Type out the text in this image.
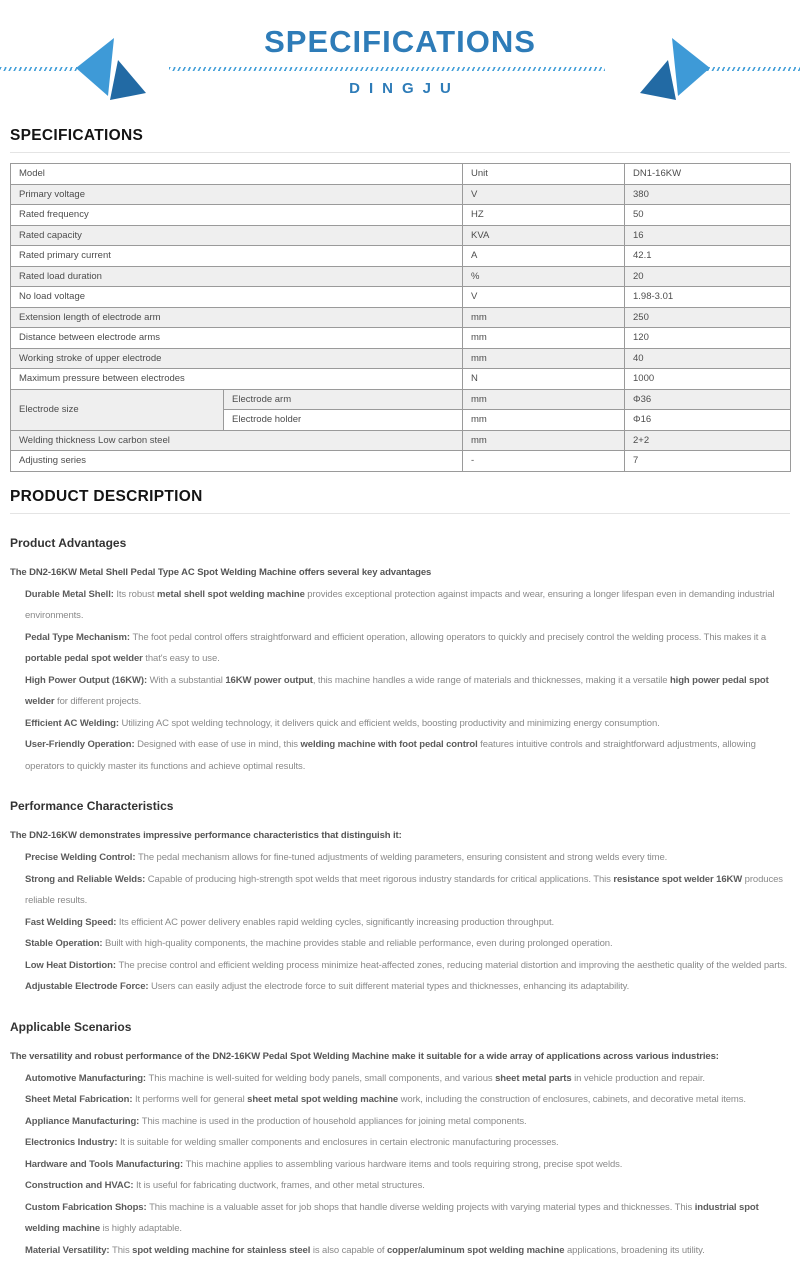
SPECIFICATIONS
DINGJU
SPECIFICATIONS
Model		Unit	DN1-16KW
Primary voltage		V	380
Rated frequency		HZ	50
Rated capacity		KVA	16
Rated primary current		A	42.1
Rated load duration		%	20
No load voltage		V	1.98-3.01
Extension length of electrode arm		mm	250
Distance between electrode arms		mm	120
Working stroke of upper electrode		mm	40
Maximum pressure between electrodes		N	1000
Electrode size	Electrode arm	mm	Φ36
	Electrode holder	mm	Φ16
Welding thickness Low carbon steel		mm	2+2
Adjusting series		-	7
PRODUCT DESCRIPTION
Product Advantages

The DN2-16KW Metal Shell Pedal Type AC Spot Welding Machine offers several key advantages

Durable Metal Shell: Its robust metal shell spot welding machine provides exceptional protection against impacts and wear, ensuring a longer lifespan even in demanding industrial environments.

Pedal Type Mechanism: The foot pedal control offers straightforward and efficient operation, allowing operators to quickly and precisely control the welding process. This makes it a portable pedal spot welder that's easy to use.

High Power Output (16KW): With a substantial 16KW power output, this machine handles a wide range of materials and thicknesses, making it a versatile high power pedal spot welder for different projects.

Efficient AC Welding: Utilizing AC spot welding technology, it delivers quick and efficient welds, boosting productivity and minimizing energy consumption.

User-Friendly Operation: Designed with ease of use in mind, this welding machine with foot pedal control features intuitive controls and straightforward adjustments, allowing operators to quickly master its functions and achieve optimal results.

Performance Characteristics

The DN2-16KW demonstrates impressive performance characteristics that distinguish it:

Precise Welding Control: The pedal mechanism allows for fine-tuned adjustments of welding parameters, ensuring consistent and strong welds every time.

Strong and Reliable Welds: Capable of producing high-strength spot welds that meet rigorous industry standards for critical applications. This resistance spot welder 16KW produces reliable results.

Fast Welding Speed: Its efficient AC power delivery enables rapid welding cycles, significantly increasing production throughput.

Stable Operation: Built with high-quality components, the machine provides stable and reliable performance, even during prolonged operation.

Low Heat Distortion: The precise control and efficient welding process minimize heat-affected zones, reducing material distortion and improving the aesthetic quality of the welded parts.

Adjustable Electrode Force: Users can easily adjust the electrode force to suit different material types and thicknesses, enhancing its adaptability.

Applicable Scenarios

The versatility and robust performance of the DN2-16KW Pedal Spot Welding Machine make it suitable for a wide array of applications across various industries:

Automotive Manufacturing: This machine is well-suited for welding body panels, small components, and various sheet metal parts in vehicle production and repair.

Sheet Metal Fabrication: It performs well for general sheet metal spot welding machine work, including the construction of enclosures, cabinets, and decorative metal items.

Appliance Manufacturing: This machine is used in the production of household appliances for joining metal components.

Electronics Industry: It is suitable for welding smaller components and enclosures in certain electronic manufacturing processes.

Hardware and Tools Manufacturing: This machine applies to assembling various hardware items and tools requiring strong, precise spot welds.

Construction and HVAC: It is useful for fabricating ductwork, frames, and other metal structures.

Custom Fabrication Shops: This machine is a valuable asset for job shops that handle diverse welding projects with varying material types and thicknesses. This industrial spot welding machine is highly adaptable.

Material Versatility: This spot welding machine for stainless steel is also capable of copper/aluminum spot welding machine applications, broadening its utility.
